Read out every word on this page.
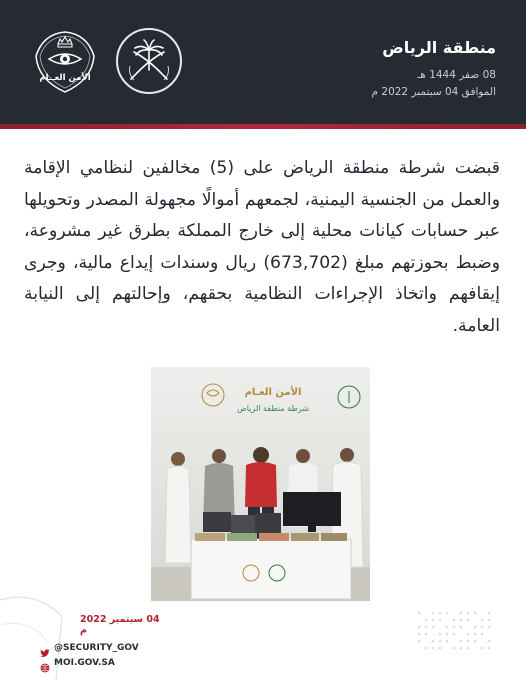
منطقة الرياض
08 صفر 1444 هـ
الموافق 04 سبتمبر 2022 م
الأمن العــام

قبضت شرطة منطقة الرياض على (5) مخالفين لنظامي الإقامة والعمل من الجنسية اليمنية، لجمعهم أموالًا مجهولة المصدر وتحويلها عبر حسابات كيانات محلية إلى خارج المملكة بطرق غير مشروعة، وضبط بحوزتهم مبلغ (673,702) ريال وسندات إيداع مالية، وجرى إيقافهم واتخاذ الإجراءات النظامية بحقهم، وإحالتهم إلى النيابة العامة.

الأمن العـام
شرطة منطقة الرياض
04 سبتمبر 2022 م
@SECURITY_GOV
MOI.GOV.SA
